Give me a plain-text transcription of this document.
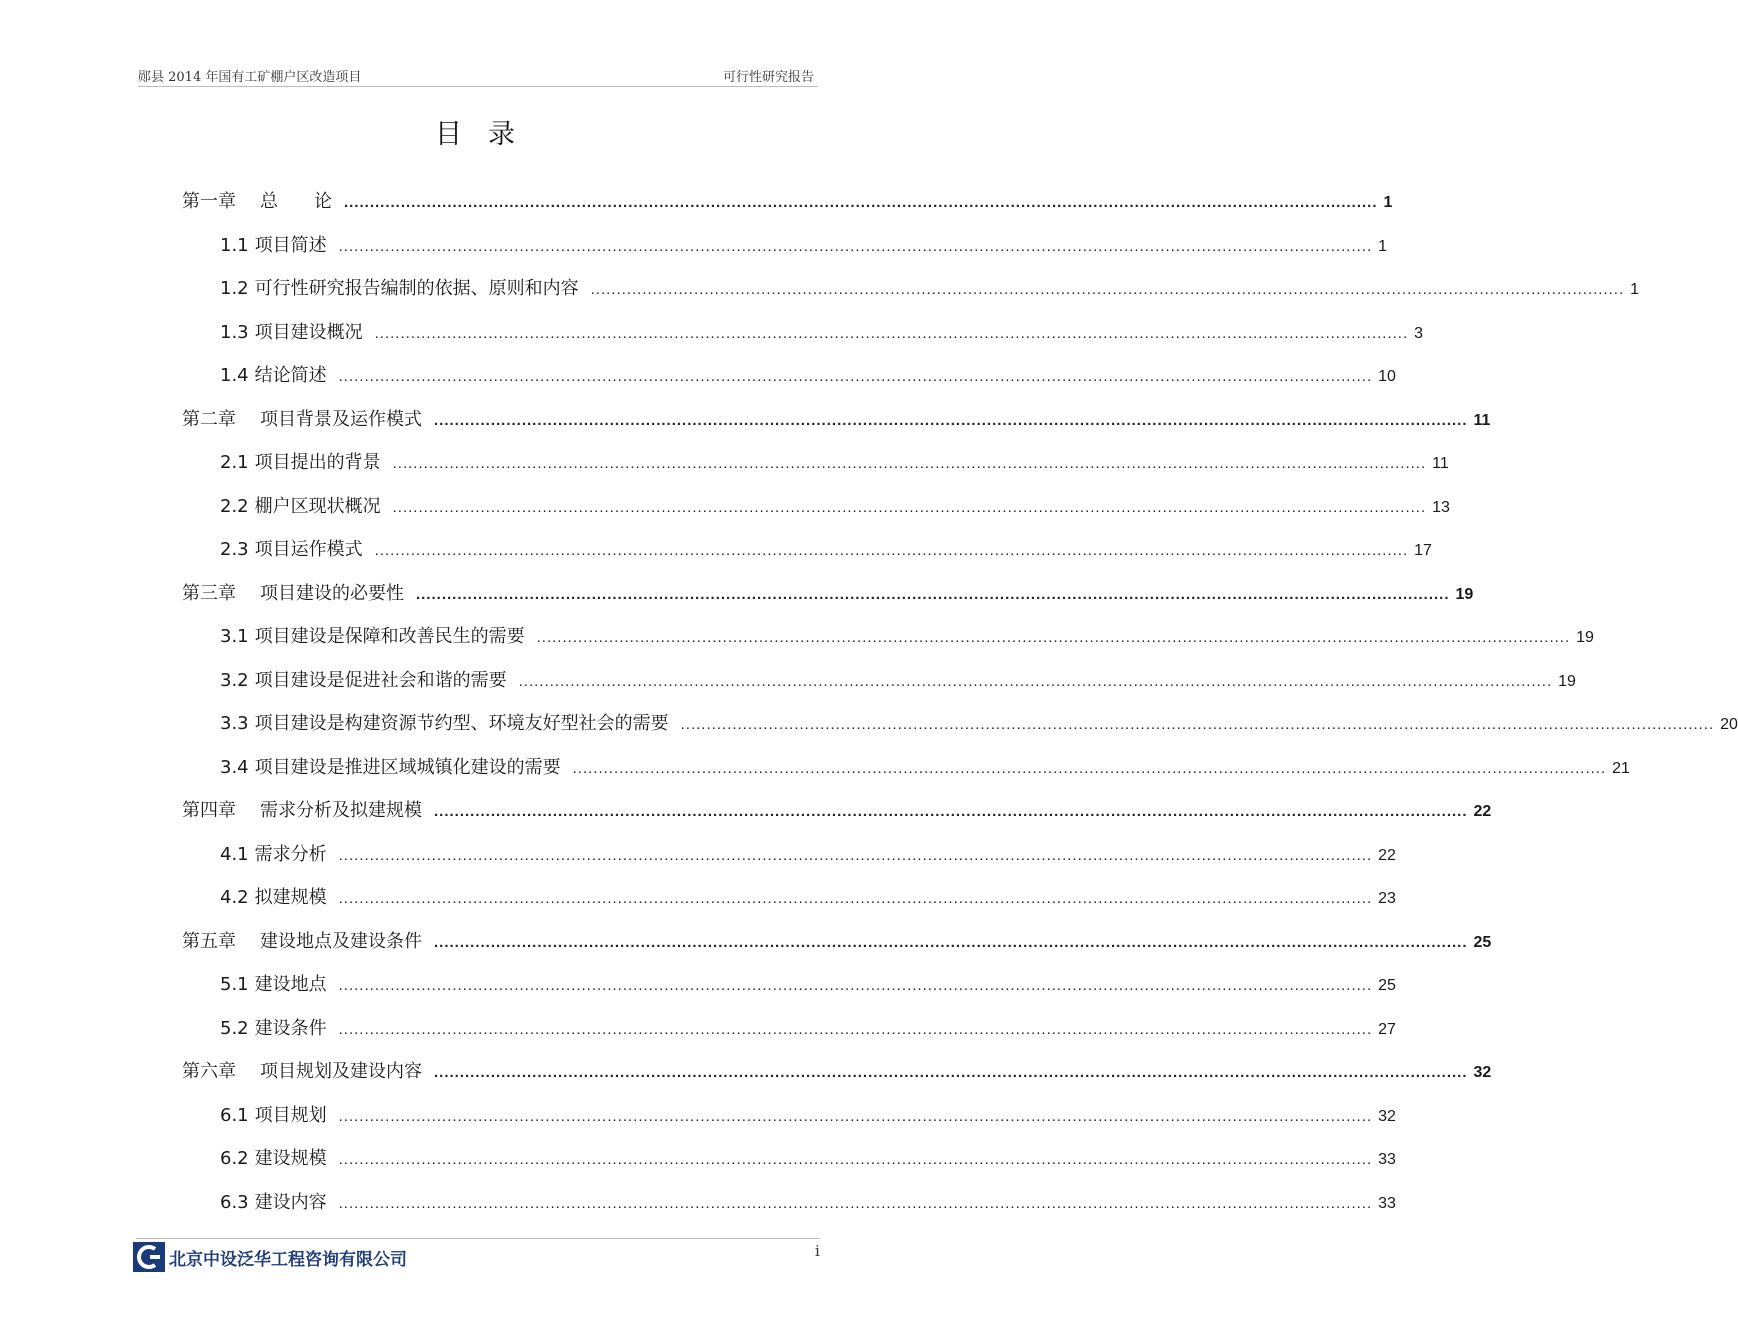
郧县 2014 年国有工矿棚户区改造项目	可行性研究报告
目录
第一章 总　　论 ........................................................................................................................................................................................................ 1
1.1 项目简述 ........................................................................................................................................................................................................ 1
1.2 可行性研究报告编制的依据、原则和内容 ........................................................................................................................................................................................................ 1
1.3 项目建设概况 ........................................................................................................................................................................................................ 3
1.4 结论简述 ........................................................................................................................................................................................................ 10
第二章 项目背景及运作模式 ........................................................................................................................................................................................................ 11
2.1 项目提出的背景 ........................................................................................................................................................................................................ 11
2.2 棚户区现状概况 ........................................................................................................................................................................................................ 13
2.3 项目运作模式 ........................................................................................................................................................................................................ 17
第三章 项目建设的必要性 ........................................................................................................................................................................................................ 19
3.1 项目建设是保障和改善民生的需要 ........................................................................................................................................................................................................ 19
3.2 项目建设是促进社会和谐的需要 ........................................................................................................................................................................................................ 19
3.3 项目建设是构建资源节约型、环境友好型社会的需要 ........................................................................................................................................................................................................ 20
3.4 项目建设是推进区域城镇化建设的需要 ........................................................................................................................................................................................................ 21
第四章 需求分析及拟建规模 ........................................................................................................................................................................................................ 22
4.1 需求分析 ........................................................................................................................................................................................................ 22
4.2 拟建规模 ........................................................................................................................................................................................................ 23
第五章 建设地点及建设条件 ........................................................................................................................................................................................................ 25
5.1 建设地点 ........................................................................................................................................................................................................ 25
5.2 建设条件 ........................................................................................................................................................................................................ 27
第六章 项目规划及建设内容 ........................................................................................................................................................................................................ 32
6.1 项目规划 ........................................................................................................................................................................................................ 32
6.2 建设规模 ........................................................................................................................................................................................................ 33
6.3 建设内容 ........................................................................................................................................................................................................ 33
北京中设泛华工程咨询有限公司	i
